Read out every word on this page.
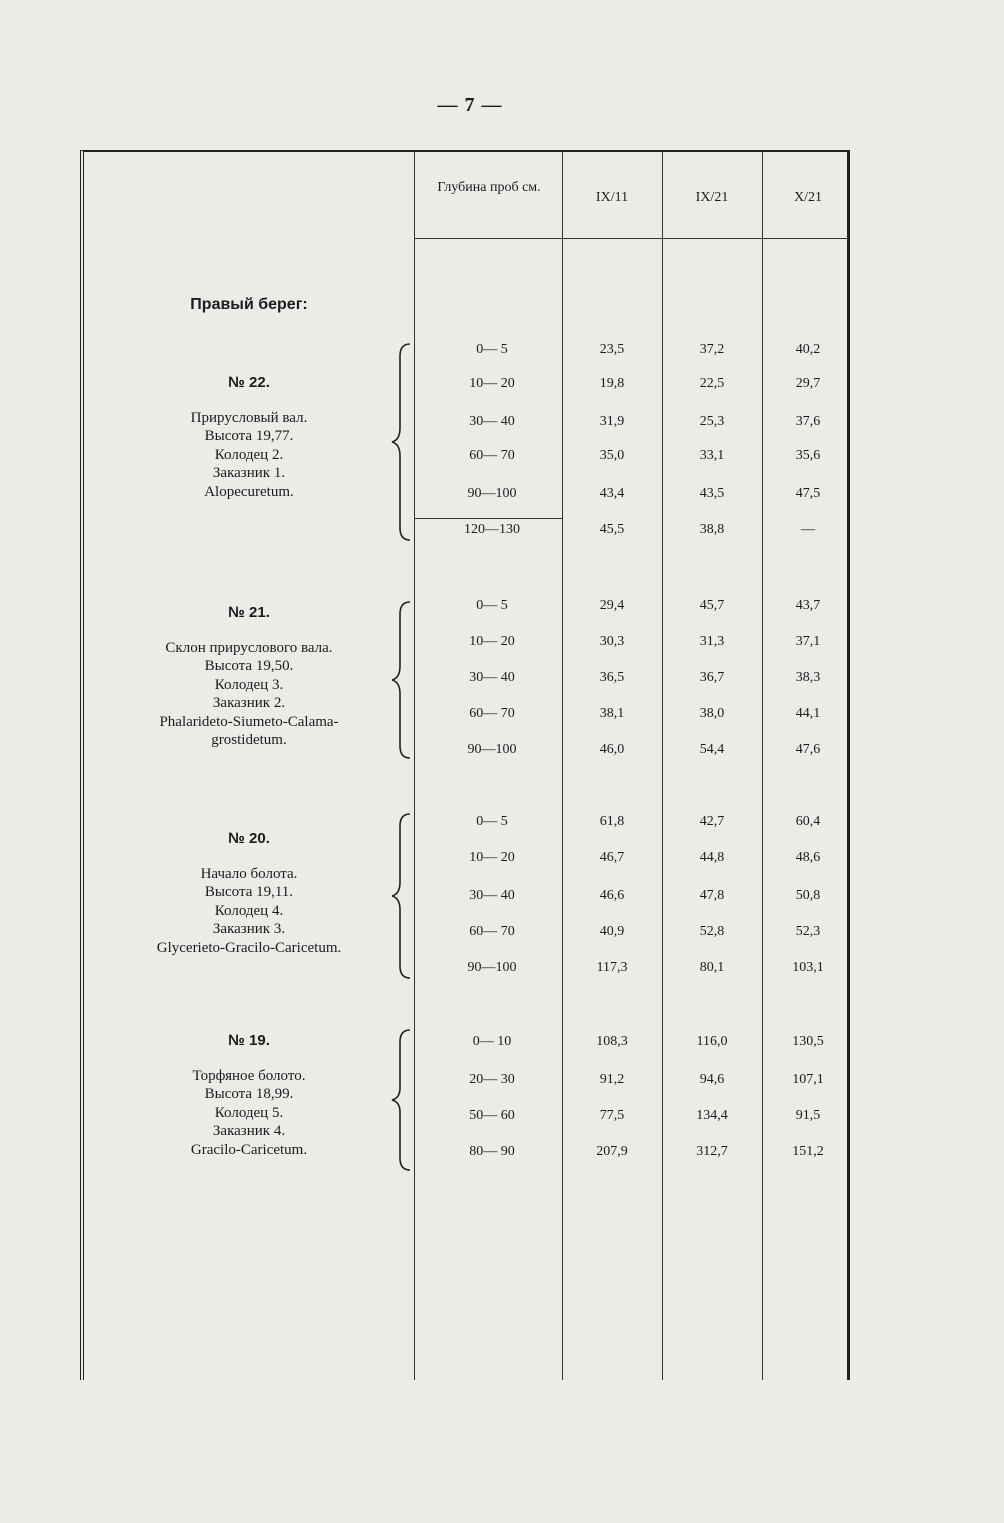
— 7 —
Глубина проб см.
IX/11	IX/21	X/21
Правый берег:
№ 22.
Прирусловый вал.
Высота 19,77.
Колодец 2.
Заказник 1.
Alopecuretum.
№ 21.
Склон прируслового вала.
Высота 19,50.
Колодец 3.
Заказник 2.
Phalarideto-Siumeto-Calama-
grostidetum.
№ 20.
Начало болота.
Высота 19,11.
Колодец 4.
Заказник 3.
Glycerieto-Gracilo-Caricetum.
№ 19.
Торфяное болото.
Высота 18,99.
Колодец 5.
Заказник 4.
Gracilo-Caricetum.
0— 5	23,5	37,2	40,2
10— 20	19,8	22,5	29,7
30— 40	31,9	25,3	37,6
60— 70	35,0	33,1	35,6
90—100	43,4	43,5	47,5
120—130	45,5	38,8	—
0— 5	29,4	45,7	43,7
10— 20	30,3	31,3	37,1
30— 40	36,5	36,7	38,3
60— 70	38,1	38,0	44,1
90—100	46,0	54,4	47,6
0— 5	61,8	42,7	60,4
10— 20	46,7	44,8	48,6
30— 40	46,6	47,8	50,8
60— 70	40,9	52,8	52,3
90—100	117,3	80,1	103,1
0— 10	108,3	116,0	130,5
20— 30	91,2	94,6	107,1
50— 60	77,5	134,4	91,5
80— 90	207,9	312,7	151,2
